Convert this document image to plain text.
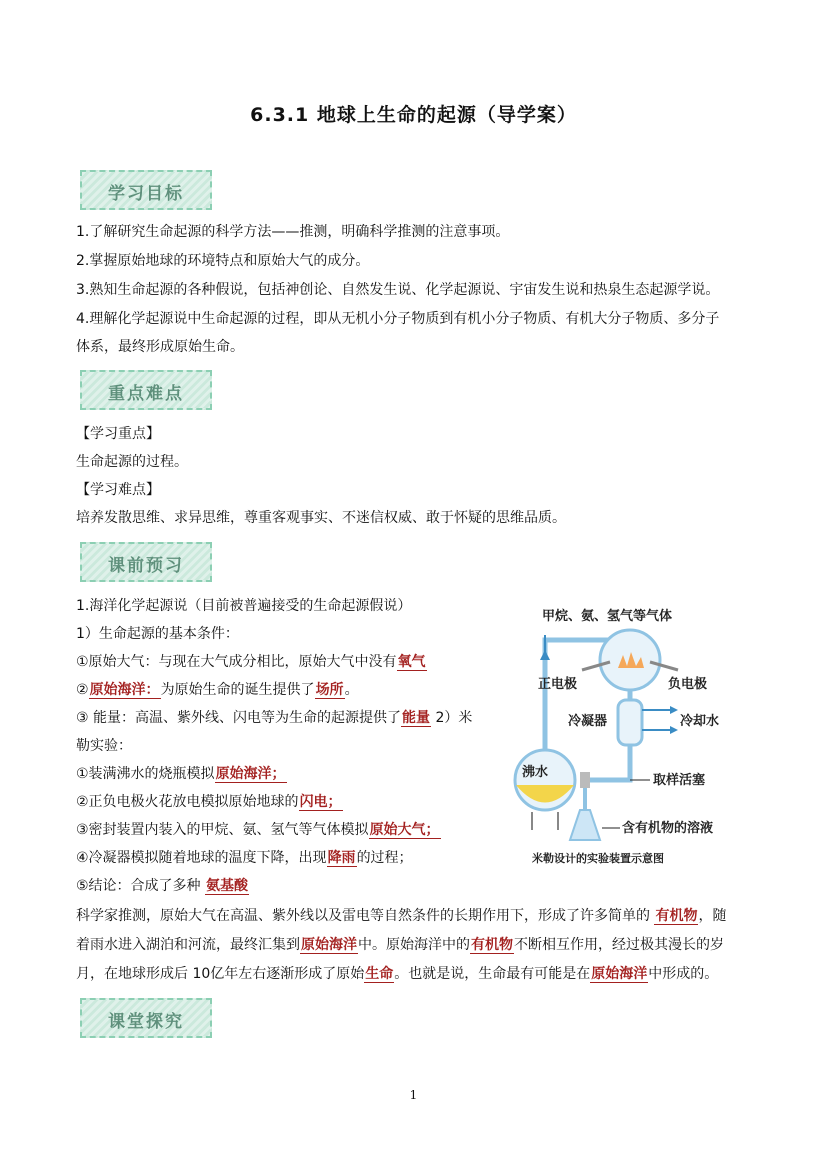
6.3.1 地球上生命的起源（导学案）
学习目标
1.了解研究生命起源的科学方法——推测，明确科学推测的注意事项。
2.掌握原始地球的环境特点和原始大气的成分。
3.熟知生命起源的各种假说，包括神创论、自然发生说、化学起源说、宇宙发生说和热泉生态起源学说。
4.理解化学起源说中生命起源的过程，即从无机小分子物质到有机小分子物质、有机大分子物质、多分子
体系，最终形成原始生命。
重点难点
【学习重点】
生命起源的过程。
【学习难点】
培养发散思维、求异思维，尊重客观事实、不迷信权威、敢于怀疑的思维品质。
课前预习
1.海洋化学起源说（目前被普遍接受的生命起源假说）
1）生命起源的基本条件：
①原始大气：与现在大气成分相比，原始大气中没有氧气
②原始海洋：为原始生命的诞生提供了场所。
③ 能量：高温、紫外线、闪电等为生命的起源提供了能量 2）米
勒实验：
①装满沸水的烧瓶模拟原始海洋；
②正负电极火花放电模拟原始地球的闪电；
③密封装置内装入的甲烷、氨、氢气等气体模拟原始大气；
④冷凝器模拟随着地球的温度下降，出现降雨的过程；
⑤结论：合成了多种 氨基酸
科学家推测，原始大气在高温、紫外线以及雷电等自然条件的长期作用下，形成了许多简单的 有机物，随
着雨水进入湖泊和河流，最终汇集到原始海洋中。原始海洋中的有机物不断相互作用，经过极其漫长的岁
月，在地球形成后 10亿年左右逐渐形成了原始生命。也就是说，生命最有可能是在原始海洋中形成的。
甲烷、氨、氢气等气体
正电极	负电极
冷凝器	冷却水
沸水
取样活塞
含有机物的溶液
米勒设计的实验装置示意图
课堂探究
1
